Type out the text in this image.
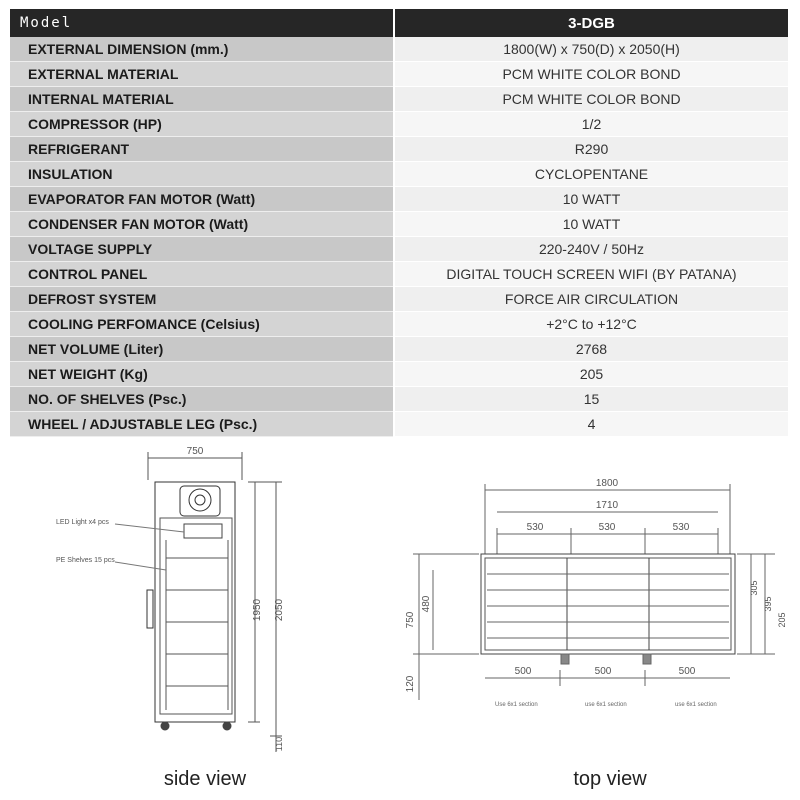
Model	3-DGB
EXTERNAL DIMENSION (mm.)	1800(W) x 750(D) x 2050(H)
EXTERNAL MATERIAL	PCM WHITE COLOR BOND
INTERNAL MATERIAL	PCM WHITE COLOR BOND
COMPRESSOR (HP)	1/2
REFRIGERANT	R290
INSULATION	CYCLOPENTANE
EVAPORATOR FAN MOTOR (Watt)	10 WATT
CONDENSER FAN MOTOR (Watt)	10 WATT
VOLTAGE SUPPLY	220-240V / 50Hz
CONTROL PANEL	DIGITAL TOUCH SCREEN WIFI (BY PATANA)
DEFROST SYSTEM	FORCE AIR CIRCULATION
COOLING PERFOMANCE (Celsius)	+2°C to +12°C
NET VOLUME (Liter)	2768
NET WEIGHT (Kg)	205
NO. OF SHELVES (Psc.)	15
WHEEL / ADJUSTABLE LEG (Psc.)	4
750
1950 2050
110
LED Light x4 pcs
PE Shelves 15 pcs
1800
1710
530	530	530
500	500	500
480
750
120
305
395
205
Use 6x1 section	use 6x1 section	use 6x1 section
side view	top view
